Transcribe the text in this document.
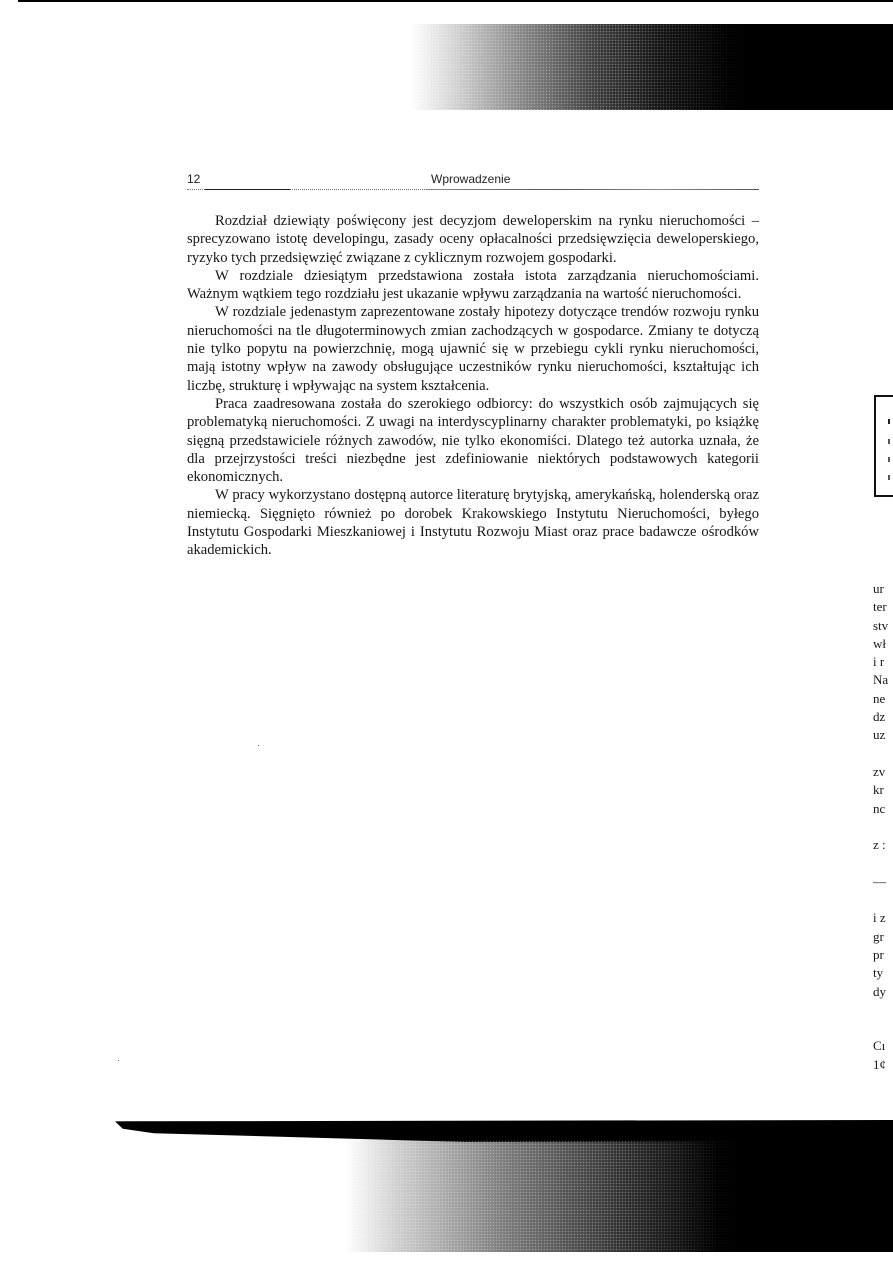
12	Wprowadzenie

Rozdział dziewiąty poświęcony jest decyzjom deweloperskim na rynku nieruchomości – sprecyzowano istotę developingu, zasady oceny opłacalności przedsięwzięcia deweloperskiego, ryzyko tych przedsięwzięć związane z cyklicznym rozwojem gospodarki.

W rozdziale dziesiątym przedstawiona została istota zarządzania nieruchomościami. Ważnym wątkiem tego rozdziału jest ukazanie wpływu zarządzania na wartość nieruchomości.

W rozdziale jedenastym zaprezentowane zostały hipotezy dotyczące trendów rozwoju rynku nieruchomości na tle długoterminowych zmian zachodzących w gospodarce. Zmiany te dotyczą nie tylko popytu na powierzchnię, mogą ujawnić się w przebiegu cykli rynku nieruchomości, mają istotny wpływ na zawody obsługujące uczestników rynku nieruchomości, kształtując ich liczbę, strukturę i wpływając na system kształcenia.

Praca zaadresowana została do szerokiego odbiorcy: do wszystkich osób zajmujących się problematyką nieruchomości. Z uwagi na interdyscyplinarny charakter problematyki, po książkę sięgną przedstawiciele różnych zawodów, nie tylko ekonomiści. Dlatego też autorka uznała, że dla przejrzystości treści niezbędne jest zdefiniowanie niektórych podstawowych kategorii ekonomicznych.

W pracy wykorzystano dostępną autorce literaturę brytyjską, amerykańską, holenderską oraz niemiecką. Sięgnięto również po dorobek Krakowskiego Instytutu Nieruchomości, byłego Instytutu Gospodarki Mieszkaniowej i Instytutu Rozwoju Miast oraz prace badawcze ośrodków akademickich.

ur
ter
stv
wł
i r
Na
ne
dz
uz
zv
kr
nc
z :
—
i z
gr
pr
ty
dy
Cı
1¢
